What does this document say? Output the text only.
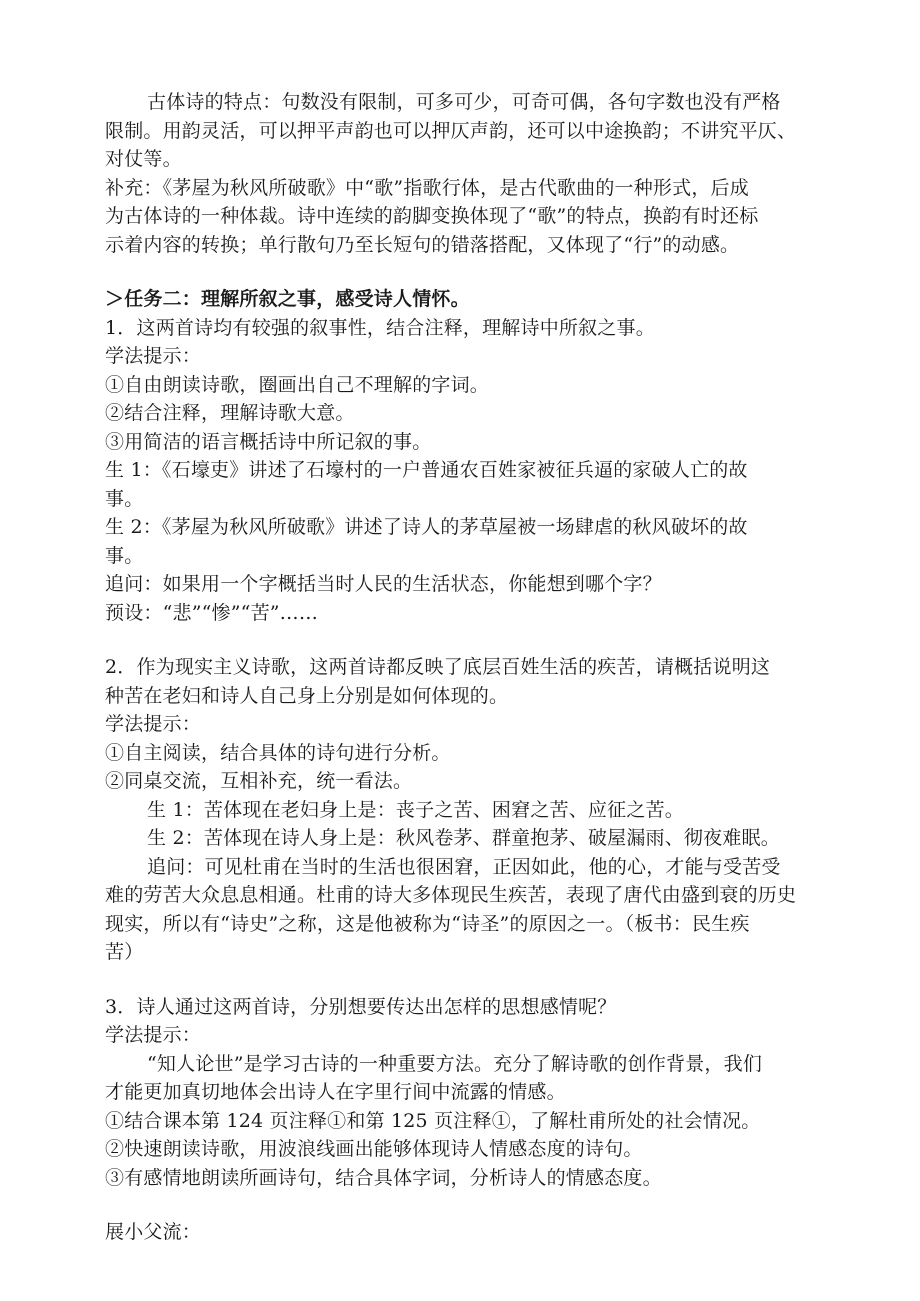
古体诗的特点：句数没有限制，可多可少，可奇可偶，各句字数也没有严格
限制。用韵灵活，可以押平声韵也可以押仄声韵，还可以中途换韵；不讲究平仄、
对仗等。
补充：《茅屋为秋风所破歌》中“歌”指歌行体，是古代歌曲的一种形式，后成
为古体诗的一种体裁。诗中连续的韵脚变换体现了“歌”的特点，换韵有时还标
示着内容的转换；单行散句乃至长短句的错落搭配，又体现了“行”的动感。
＞任务二：理解所叙之事，感受诗人情怀。
1．这两首诗均有较强的叙事性，结合注释，理解诗中所叙之事。
学法提示：
①自由朗读诗歌，圈画出自己不理解的字词。
②结合注释，理解诗歌大意。
③用简洁的语言概括诗中所记叙的事。
生 1：《石壕吏》讲述了石壕村的一户普通农百姓家被征兵逼的家破人亡的故
事。
生 2：《茅屋为秋风所破歌》讲述了诗人的茅草屋被一场肆虐的秋风破坏的故
事。
追问：如果用一个字概括当时人民的生活状态，你能想到哪个字？
预设：“悲”“惨”“苦”……
2．作为现实主义诗歌，这两首诗都反映了底层百姓生活的疾苦，请概括说明这
种苦在老妇和诗人自己身上分别是如何体现的。
学法提示：
①自主阅读，结合具体的诗句进行分析。
②同桌交流，互相补充，统一看法。
生 1：苦体现在老妇身上是：丧子之苦、困窘之苦、应征之苦。
生 2：苦体现在诗人身上是：秋风卷茅、群童抱茅、破屋漏雨、彻夜难眠。
追问：可见杜甫在当时的生活也很困窘，正因如此，他的心，才能与受苦受
难的劳苦大众息息相通。杜甫的诗大多体现民生疾苦，表现了唐代由盛到衰的历史
现实，所以有“诗史”之称，这是他被称为“诗圣”的原因之一。（板书：民生疾
苦）
3．诗人通过这两首诗，分别想要传达出怎样的思想感情呢？
学法提示：
“知人论世”是学习古诗的一种重要方法。充分了解诗歌的创作背景，我们
才能更加真切地体会出诗人在字里行间中流露的情感。
①结合课本第 124 页注释①和第 125 页注释①，了解杜甫所处的社会情况。
②快速朗读诗歌，用波浪线画出能够体现诗人情感态度的诗句。
③有感情地朗读所画诗句，结合具体字词，分析诗人的情感态度。
展小父流：
